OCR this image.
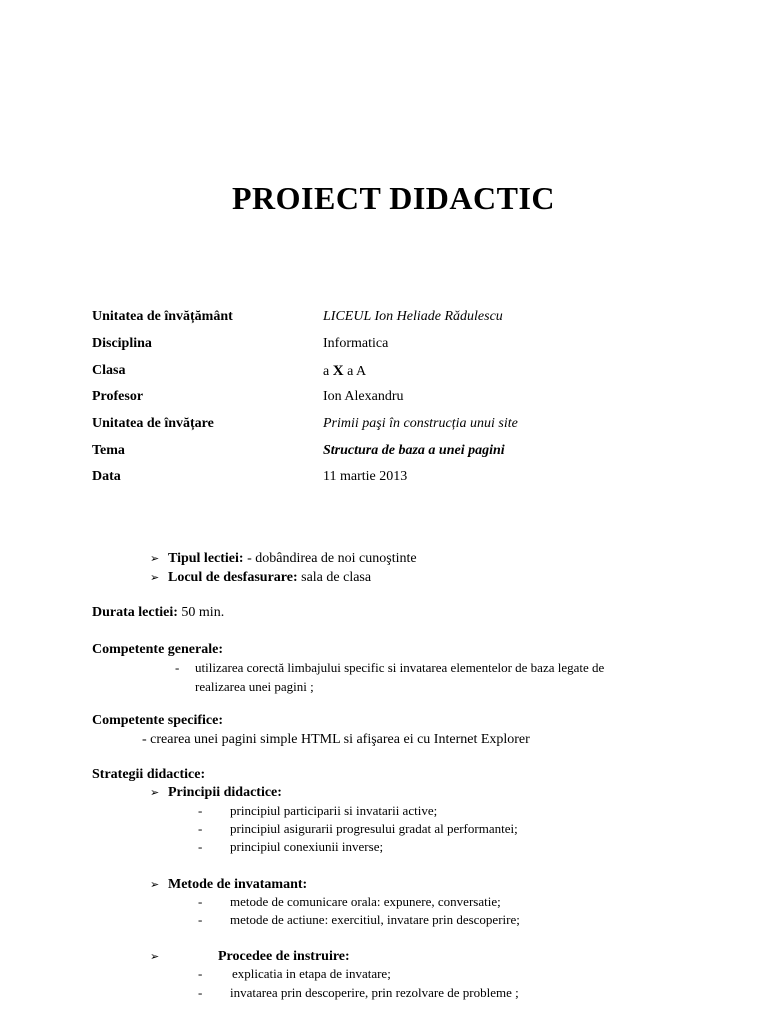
PROIECT DIDACTIC
Unitatea de învățământ	LICEUL Ion Heliade Rădulescu
Disciplina	Informatica
Clasa	a X a A
Profesor	Ion Alexandru
Unitatea de învățare	Primii paşi în construcția unui site
Tema	Structura de baza a unei pagini
Data	11 martie 2013
➢ Tipul lectiei: - dobândirea de noi cunoştinte
➢ Locul de desfasurare: sala de clasa
Durata lectiei: 50 min.
Competente generale:
- utilizarea corectă limbajului specific si invatarea elementelor de baza legate de
realizarea unei pagini ;
Competente specifice:
- crearea unei pagini simple HTML si afişarea ei cu Internet Explorer
Strategii didactice:
➢ Principii didactice:
- principiul participarii si invatarii active;
- principiul asigurarii progresului gradat al performantei;
- principiul conexiunii inverse;
➢ Metode de invatamant:
- metode de comunicare orala: expunere, conversatie;
- metode de actiune: exercitiul, invatare prin descoperire;
➢	Procedee de instruire:
- explicatia in etapa de invatare;
- invatarea prin descoperire, prin rezolvare de probleme ;
